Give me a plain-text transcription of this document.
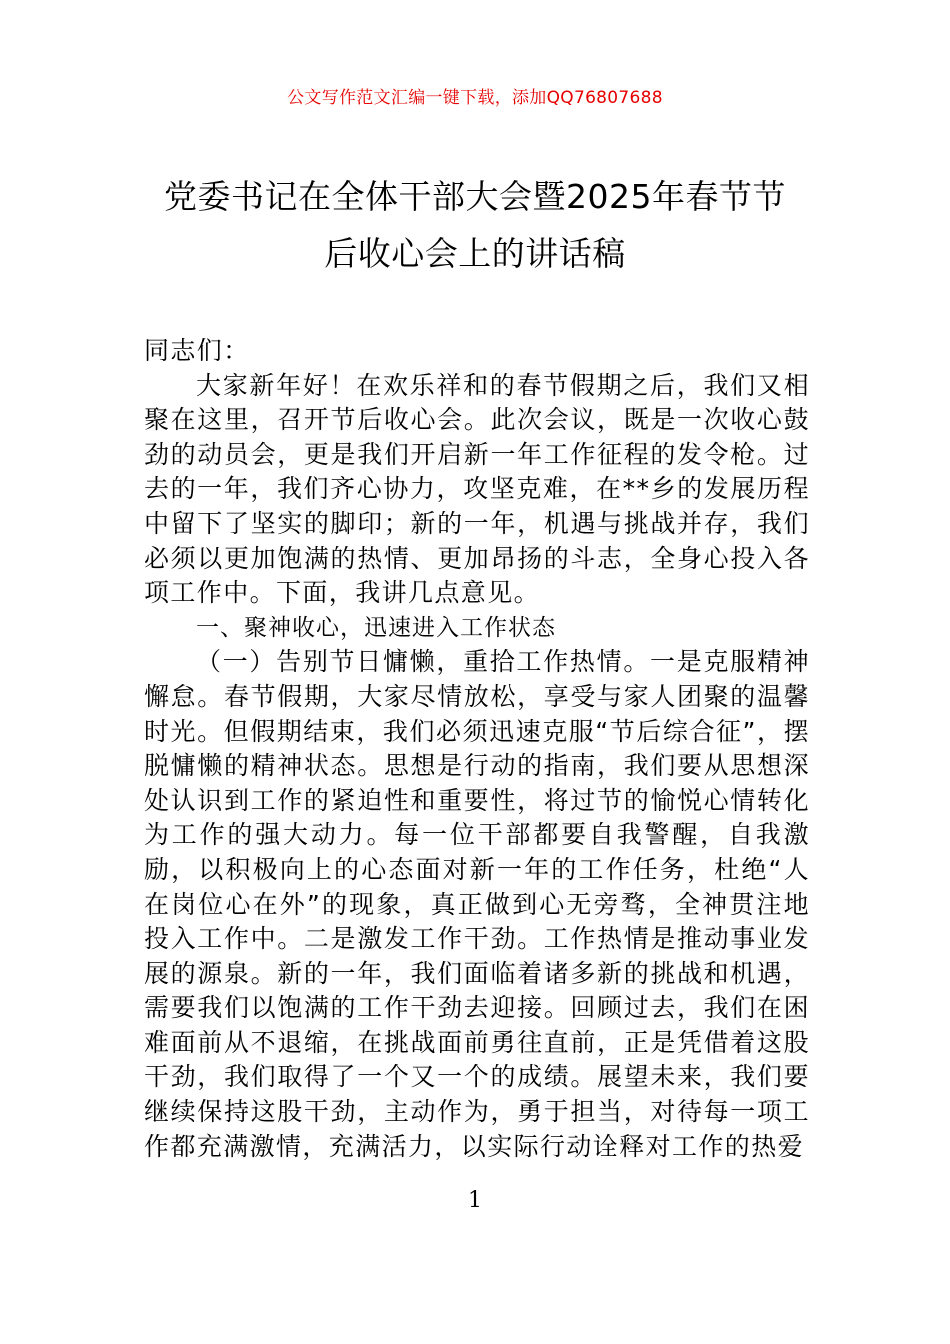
公文写作范文汇编一键下载，添加QQ76807688
党委书记在全体干部大会暨2025年春节节
后收心会上的讲话稿

同志们：

大家新年好！在欢乐祥和的春节假期之后，我们又相聚在这里，召开节后收心会。此次会议，既是一次收心鼓劲的动员会，更是我们开启新一年工作征程的发令枪。过去的一年，我们齐心协力，攻坚克难，在**乡的发展历程中留下了坚实的脚印；新的一年，机遇与挑战并存，我们必须以更加饱满的热情、更加昂扬的斗志，全身心投入各项工作中。下面，我讲几点意见。

一、聚神收心，迅速进入工作状态

（一）告别节日慵懒，重拾工作热情。一是克服精神懈怠。春节假期，大家尽情放松，享受与家人团聚的温馨时光。但假期结束，我们必须迅速克服“节后综合征”，摆脱慵懒的精神状态。思想是行动的指南，我们要从思想深处认识到工作的紧迫性和重要性，将过节的愉悦心情转化为工作的强大动力。每一位干部都要自我警醒，自我激励，以积极向上的心态面对新一年的工作任务，杜绝“人在岗位心在外”的现象，真正做到心无旁骛，全神贯注地投入工作中。二是激发工作干劲。工作热情是推动事业发展的源泉。新的一年，我们面临着诸多新的挑战和机遇，需要我们以饱满的工作干劲去迎接。回顾过去，我们在困难面前从不退缩，在挑战面前勇往直前，正是凭借着这股干劲，我们取得了一个又一个的成绩。展望未来，我们要继续保持这股干劲，主动作为，勇于担当，对待每一项工作都充满激情，充满活力，以实际行动诠释对工作的热爱

1
